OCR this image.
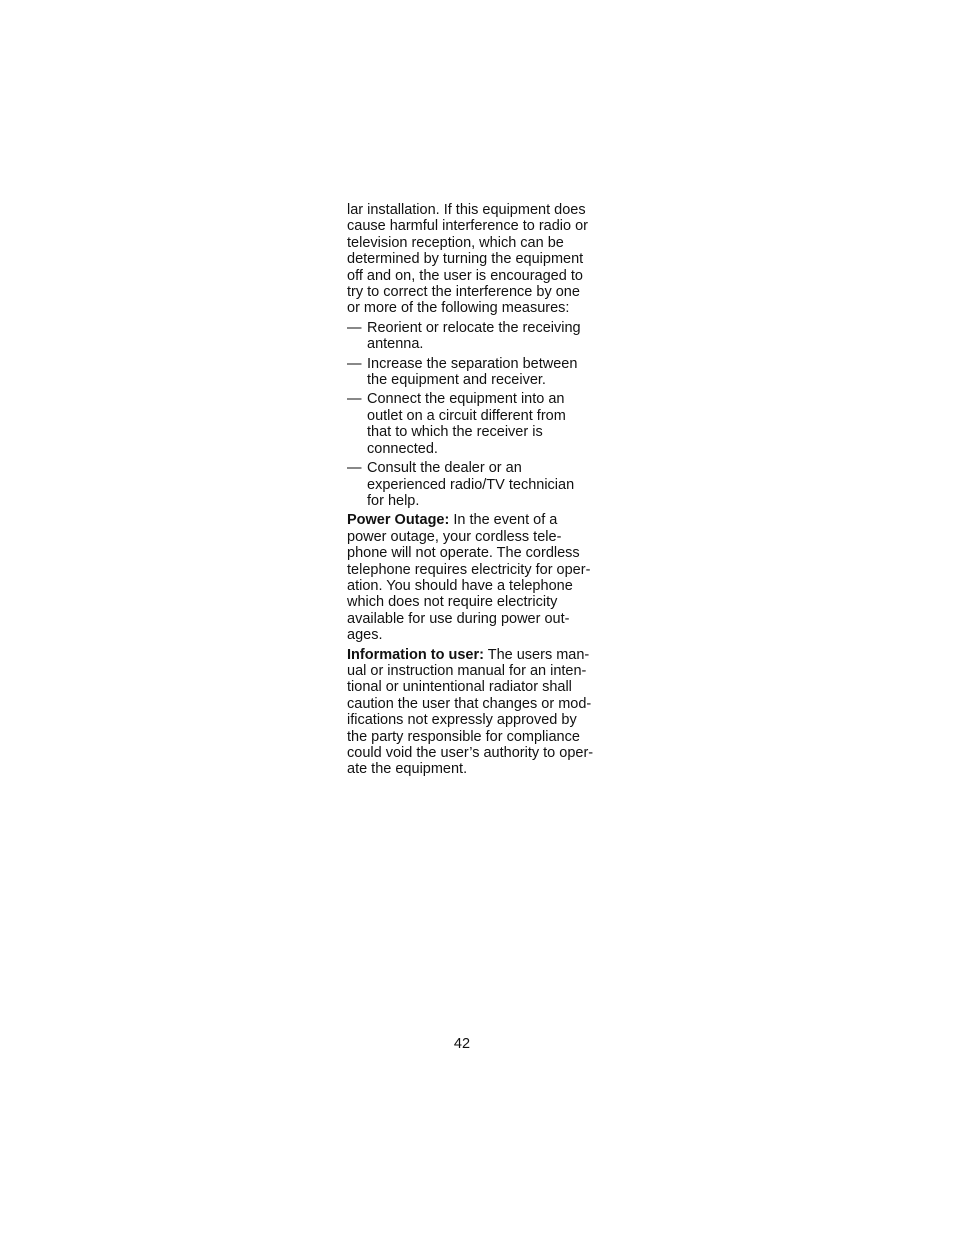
lar installation. If this equipment does
cause harmful interference to radio or
television reception, which can be
determined by turning the equipment
off and on, the user is encouraged to
try to correct the interference by one
or more of the following measures:

— Reorient or relocate the receiving
antenna.
— Increase the separation between
the equipment and receiver.
— Connect the equipment into an
outlet on a circuit different from
that to which the receiver is
connected.
— Consult the dealer or an
experienced radio/TV technician
for help.

Power Outage: In the event of a
power outage, your cordless tele-
phone will not operate. The cordless
telephone requires electricity for oper-
ation. You should have a telephone
which does not require electricity
available for use during power out-
ages.

Information to user: The users man-
ual or instruction manual for an inten-
tional or unintentional radiator shall
caution the user that changes or mod-
ifications not expressly approved by
the party responsible for compliance
could void the user’s authority to oper-
ate the equipment.

42
